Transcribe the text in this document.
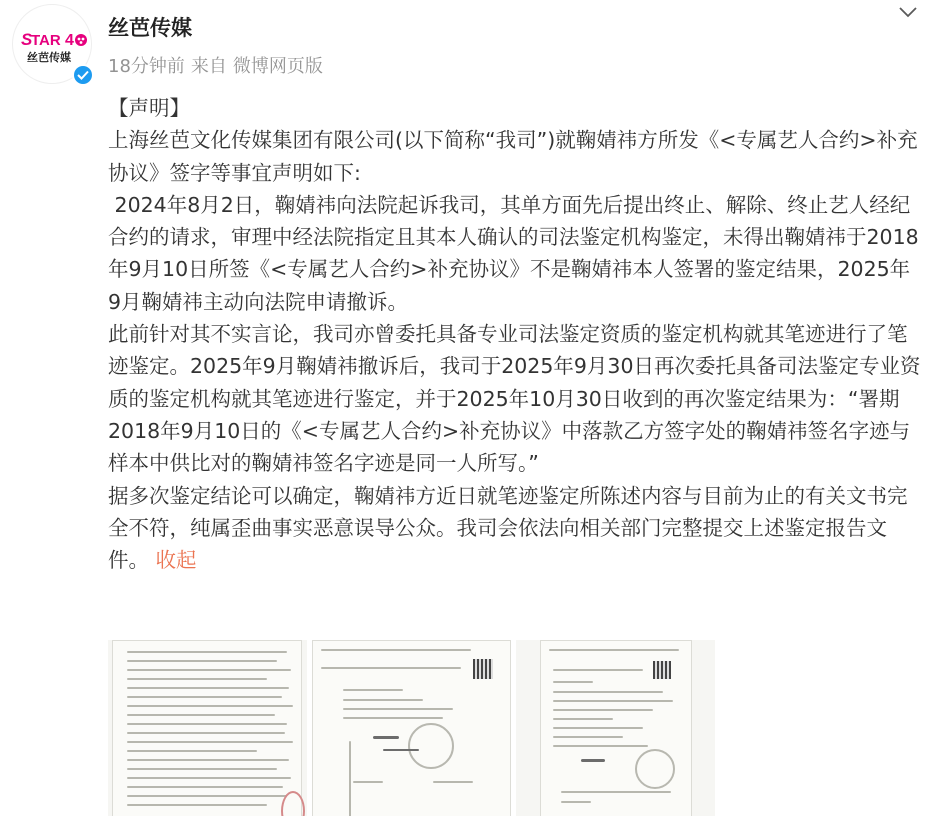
S
TAR 4
丝芭传媒
丝芭传媒
18分钟前 来自 微博网页版

【声明】

上海丝芭文化传媒集团有限公司(以下简称“我司”)就鞠婧祎方所发《<专属艺人合约>补充协议》签字等事宜声明如下:

2024年8月2日，鞠婧祎向法院起诉我司，其单方面先后提出终止、解除、终止艺人经纪合约的请求，审理中经法院指定且其本人确认的司法鉴定机构鉴定，未得出鞠婧祎于2018年9月10日所签《<专属艺人合约>补充协议》不是鞠婧祎本人签署的鉴定结果，2025年9月鞠婧祎主动向法院申请撤诉。

此前针对其不实言论，我司亦曾委托具备专业司法鉴定资质的鉴定机构就其笔迹进行了笔迹鉴定。2025年9月鞠婧祎撤诉后，我司于2025年9月30日再次委托具备司法鉴定专业资质的鉴定机构就其笔迹进行鉴定，并于2025年10月30日收到的再次鉴定结果为：“署期2018年9月10日的《<专属艺人合约>补充协议》中落款乙方签字处的鞠婧祎签名字迹与样本中供比对的鞠婧祎签名字迹是同一人所写。”

据多次鉴定结论可以确定，鞠婧祎方近日就笔迹鉴定所陈述内容与目前为止的有关文书完全不符，纯属歪曲事实恶意误导公众。我司会依法向相关部门完整提交上述鉴定报告文件。 收起
